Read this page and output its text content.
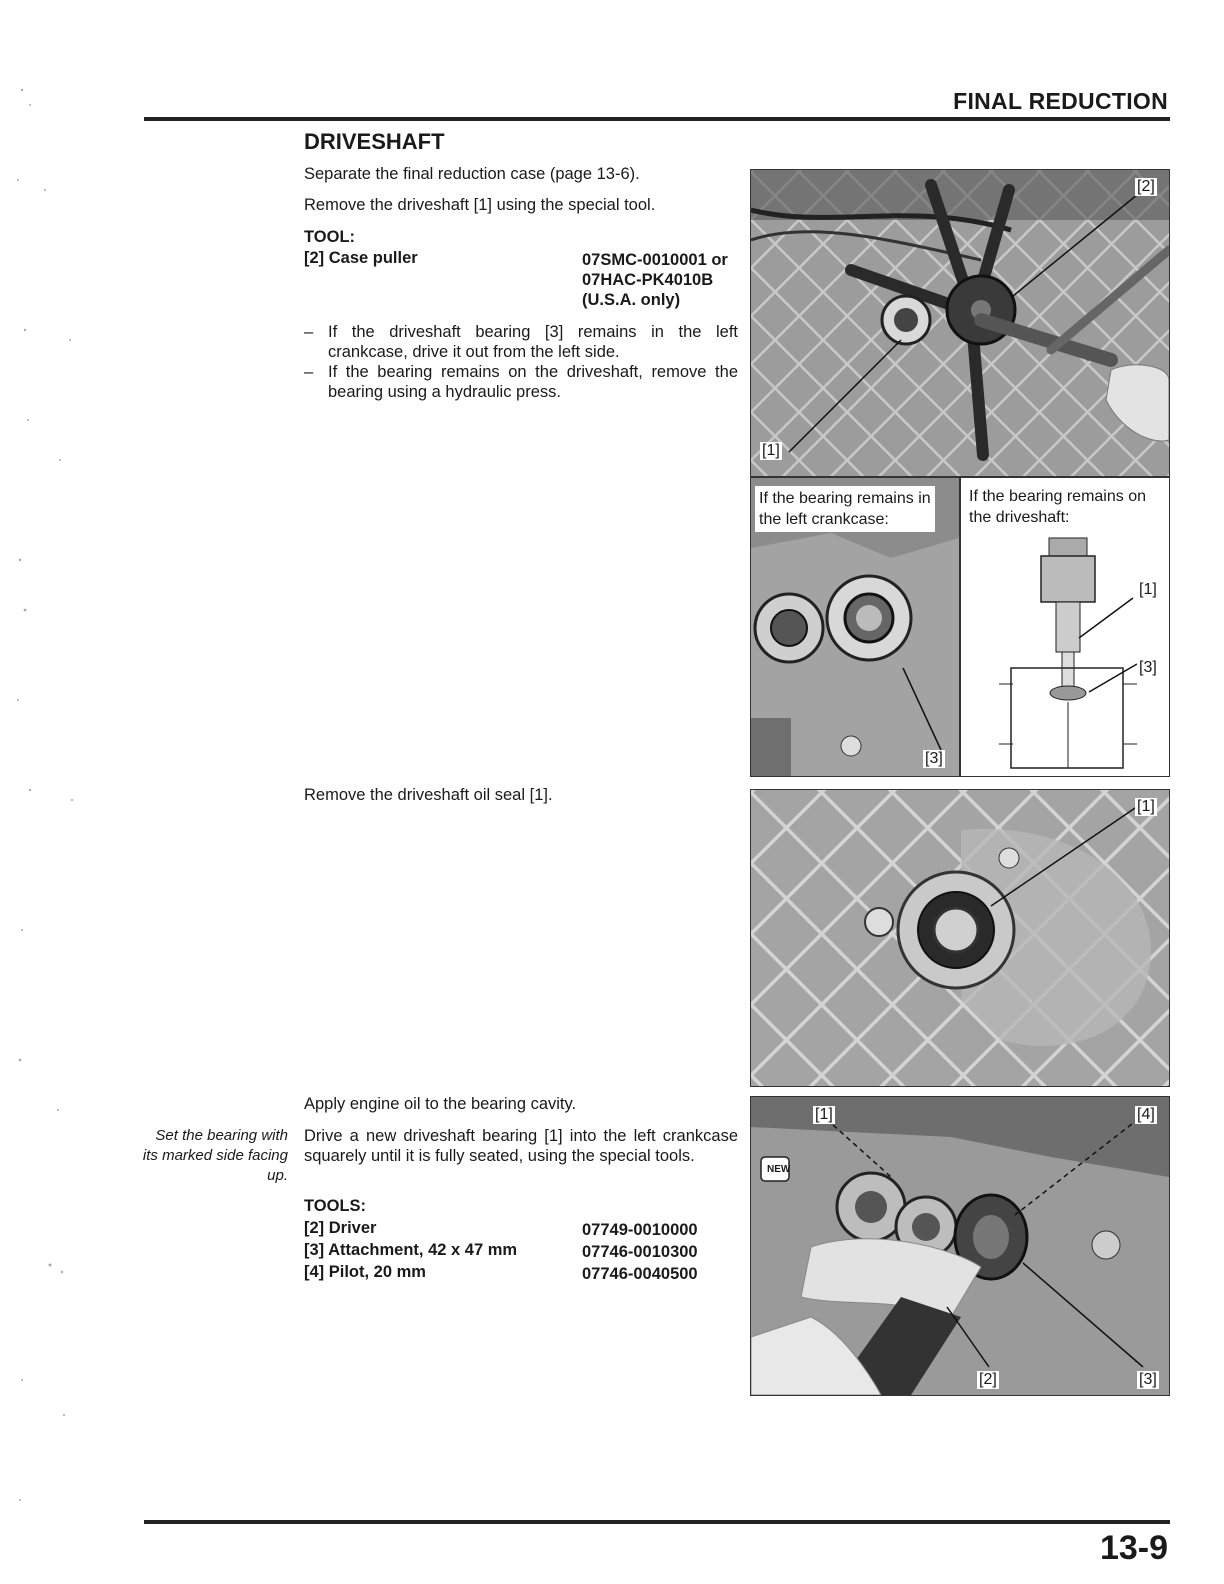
FINAL REDUCTION
DRIVESHAFT
Separate the final reduction case (page 13-6).
Remove the driveshaft [1] using the special tool.
TOOL:
[2] Case puller	07SMC-0010001 or
07HAC-PK4010B
(U.S.A. only)
– If the driveshaft bearing [3] remains in the left crankcase, drive it out from the left side.
– If the bearing remains on the driveshaft, remove the bearing using a hydraulic press.
Remove the driveshaft oil seal [1].
Apply engine oil to the bearing cavity.
Set the bearing with its marked side facing up.
Drive a new driveshaft bearing [1] into the left crankcase squarely until it is fully seated, using the special tools.
TOOLS:
[2] Driver	07749-0010000
[3] Attachment, 42 x 47 mm	07746-0010300
[4] Pilot, 20 mm	07746-0040500
[2]
[1]
If the bearing remains in the left crankcase:
[3]
If the bearing remains on the driveshaft:
[1]
[3]
[1]
NEW
[1]	[4]
[2]	[3]
13-9
